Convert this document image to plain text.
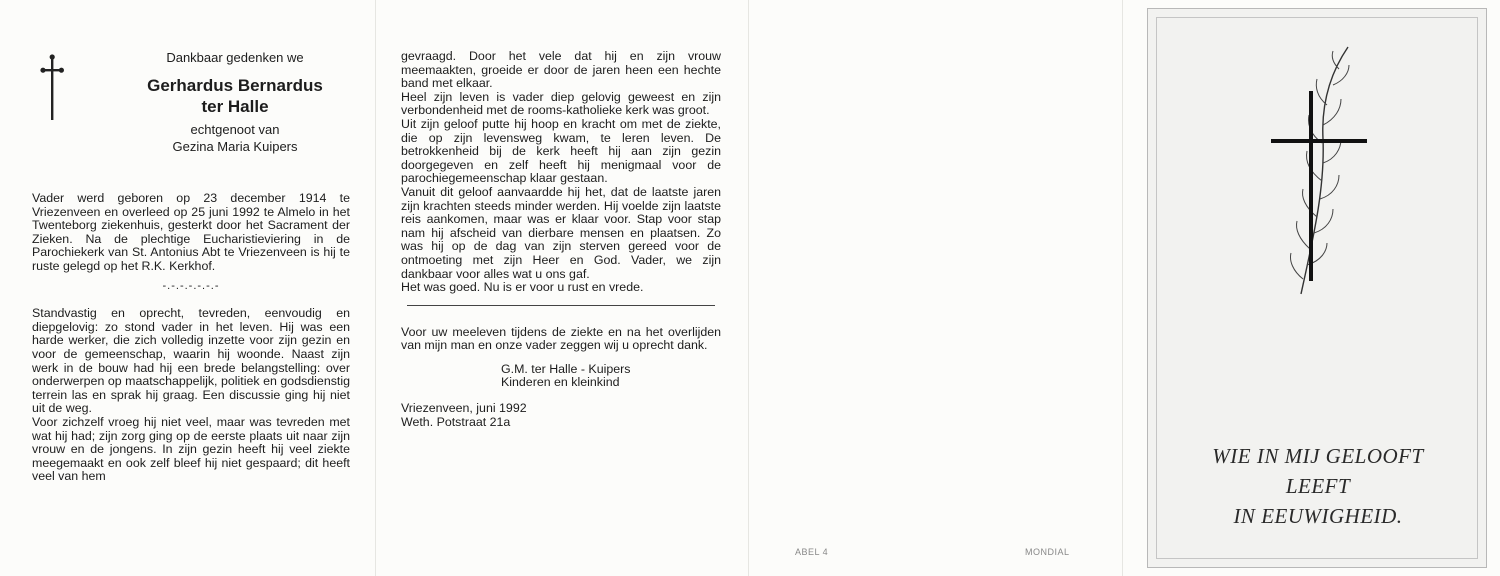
Dankbaar gedenken we
Gerhardus Bernardus
ter Halle
echtgenoot van
Gezina Maria Kuipers

Vader werd geboren op 23 december 1914 te Vriezenveen en overleed op 25 juni 1992 te Almelo in het Twenteborg ziekenhuis, gesterkt door het Sacrament der Zieken. Na de plechtige Eucharistieviering in de Parochiekerk van St. Antonius Abt te Vriezenveen is hij te ruste gelegd op het R.K. Kerkhof.

-.-.-.-.-.-.-

Standvastig en oprecht, tevreden, eenvoudig en diepgelovig: zo stond vader in het leven. Hij was een harde werker, die zich volledig inzette voor zijn gezin en voor de gemeenschap, waarin hij woonde. Naast zijn werk in de bouw had hij een brede belangstelling: over onderwerpen op maatschappelijk, politiek en godsdienstig terrein las en sprak hij graag. Een discussie ging hij niet uit de weg.

Voor zichzelf vroeg hij niet veel, maar was tevreden met wat hij had; zijn zorg ging op de eerste plaats uit naar zijn vrouw en de jongens. In zijn gezin heeft hij veel ziekte meegemaakt en ook zelf bleef hij niet gespaard; dit heeft veel van hem

gevraagd. Door het vele dat hij en zijn vrouw meemaakten, groeide er door de jaren heen een hechte band met elkaar.

Heel zijn leven is vader diep gelovig geweest en zijn verbondenheid met de rooms-katholieke kerk was groot.

Uit zijn geloof putte hij hoop en kracht om met de ziekte, die op zijn levensweg kwam, te leren leven. De betrokkenheid bij de kerk heeft hij aan zijn gezin doorgegeven en zelf heeft hij menigmaal voor de parochiegemeenschap klaar gestaan.

Vanuit dit geloof aanvaardde hij het, dat de laatste jaren zijn krachten steeds minder werden. Hij voelde zijn laatste reis aankomen, maar was er klaar voor. Stap voor stap nam hij afscheid van dierbare mensen en plaatsen. Zo was hij op de dag van zijn sterven gereed voor de ontmoeting met zijn Heer en God. Vader, we zijn dankbaar voor alles wat u ons gaf.

Het was goed. Nu is er voor u rust en vrede.

Voor uw meeleven tijdens de ziekte en na het overlijden van mijn man en onze vader zeggen wij u oprecht dank.

G.M. ter Halle - Kuipers
Kinderen en kleinkind
Vriezenveen, juni 1992
Weth. Potstraat 21a
ABEL 4	MONDIAL
WIE IN MIJ GELOOFT
LEEFT
IN EEUWIGHEID.
